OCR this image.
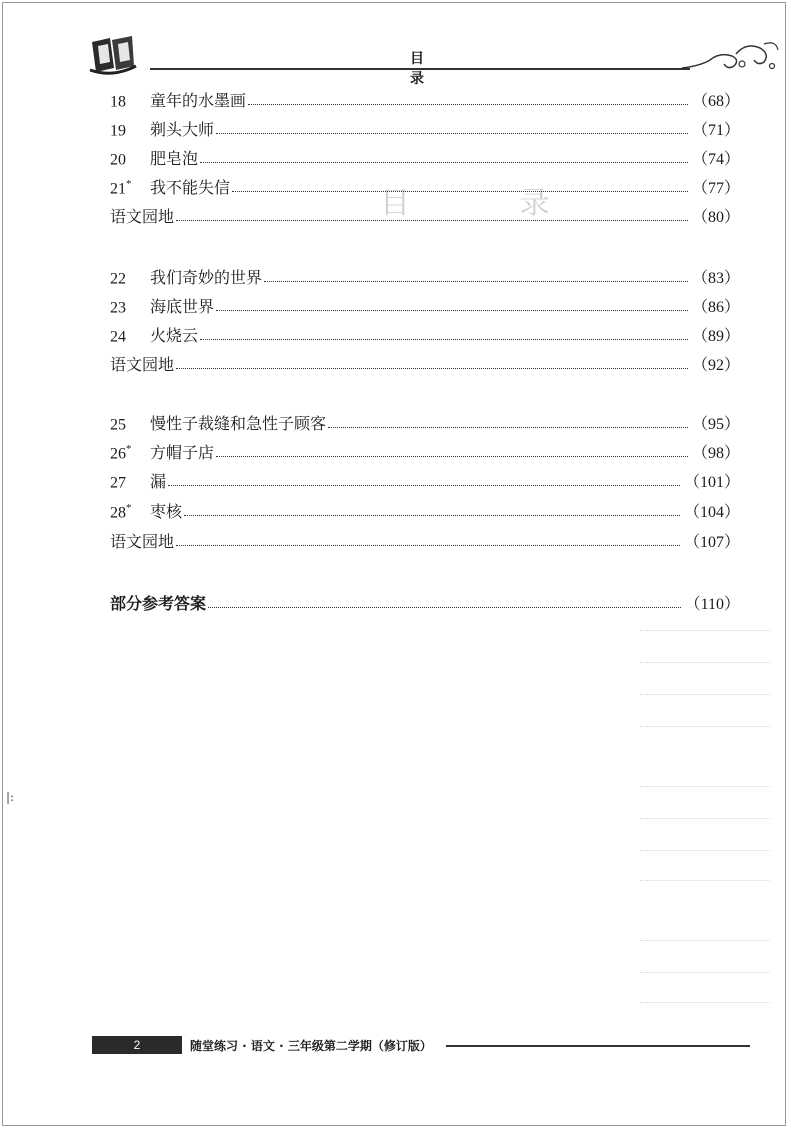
目 录
目 录
18	童年的水墨画	（68）
19	剃头大师	（71）
20	肥皂泡	（74）
21*	我不能失信	（77）
语文园地	（80）
22	我们奇妙的世界	（83）
23	海底世界	（86）
24	火烧云	（89）
语文园地	（92）
25	慢性子裁缝和急性子顾客	（95）
26*	方帽子店	（98）
27	漏	（101）
28*	枣核	（104）
语文园地	（107）
部分参考答案	（110）
|:
2	随堂练习 · 语文 · 三年级第二学期（修订版）
